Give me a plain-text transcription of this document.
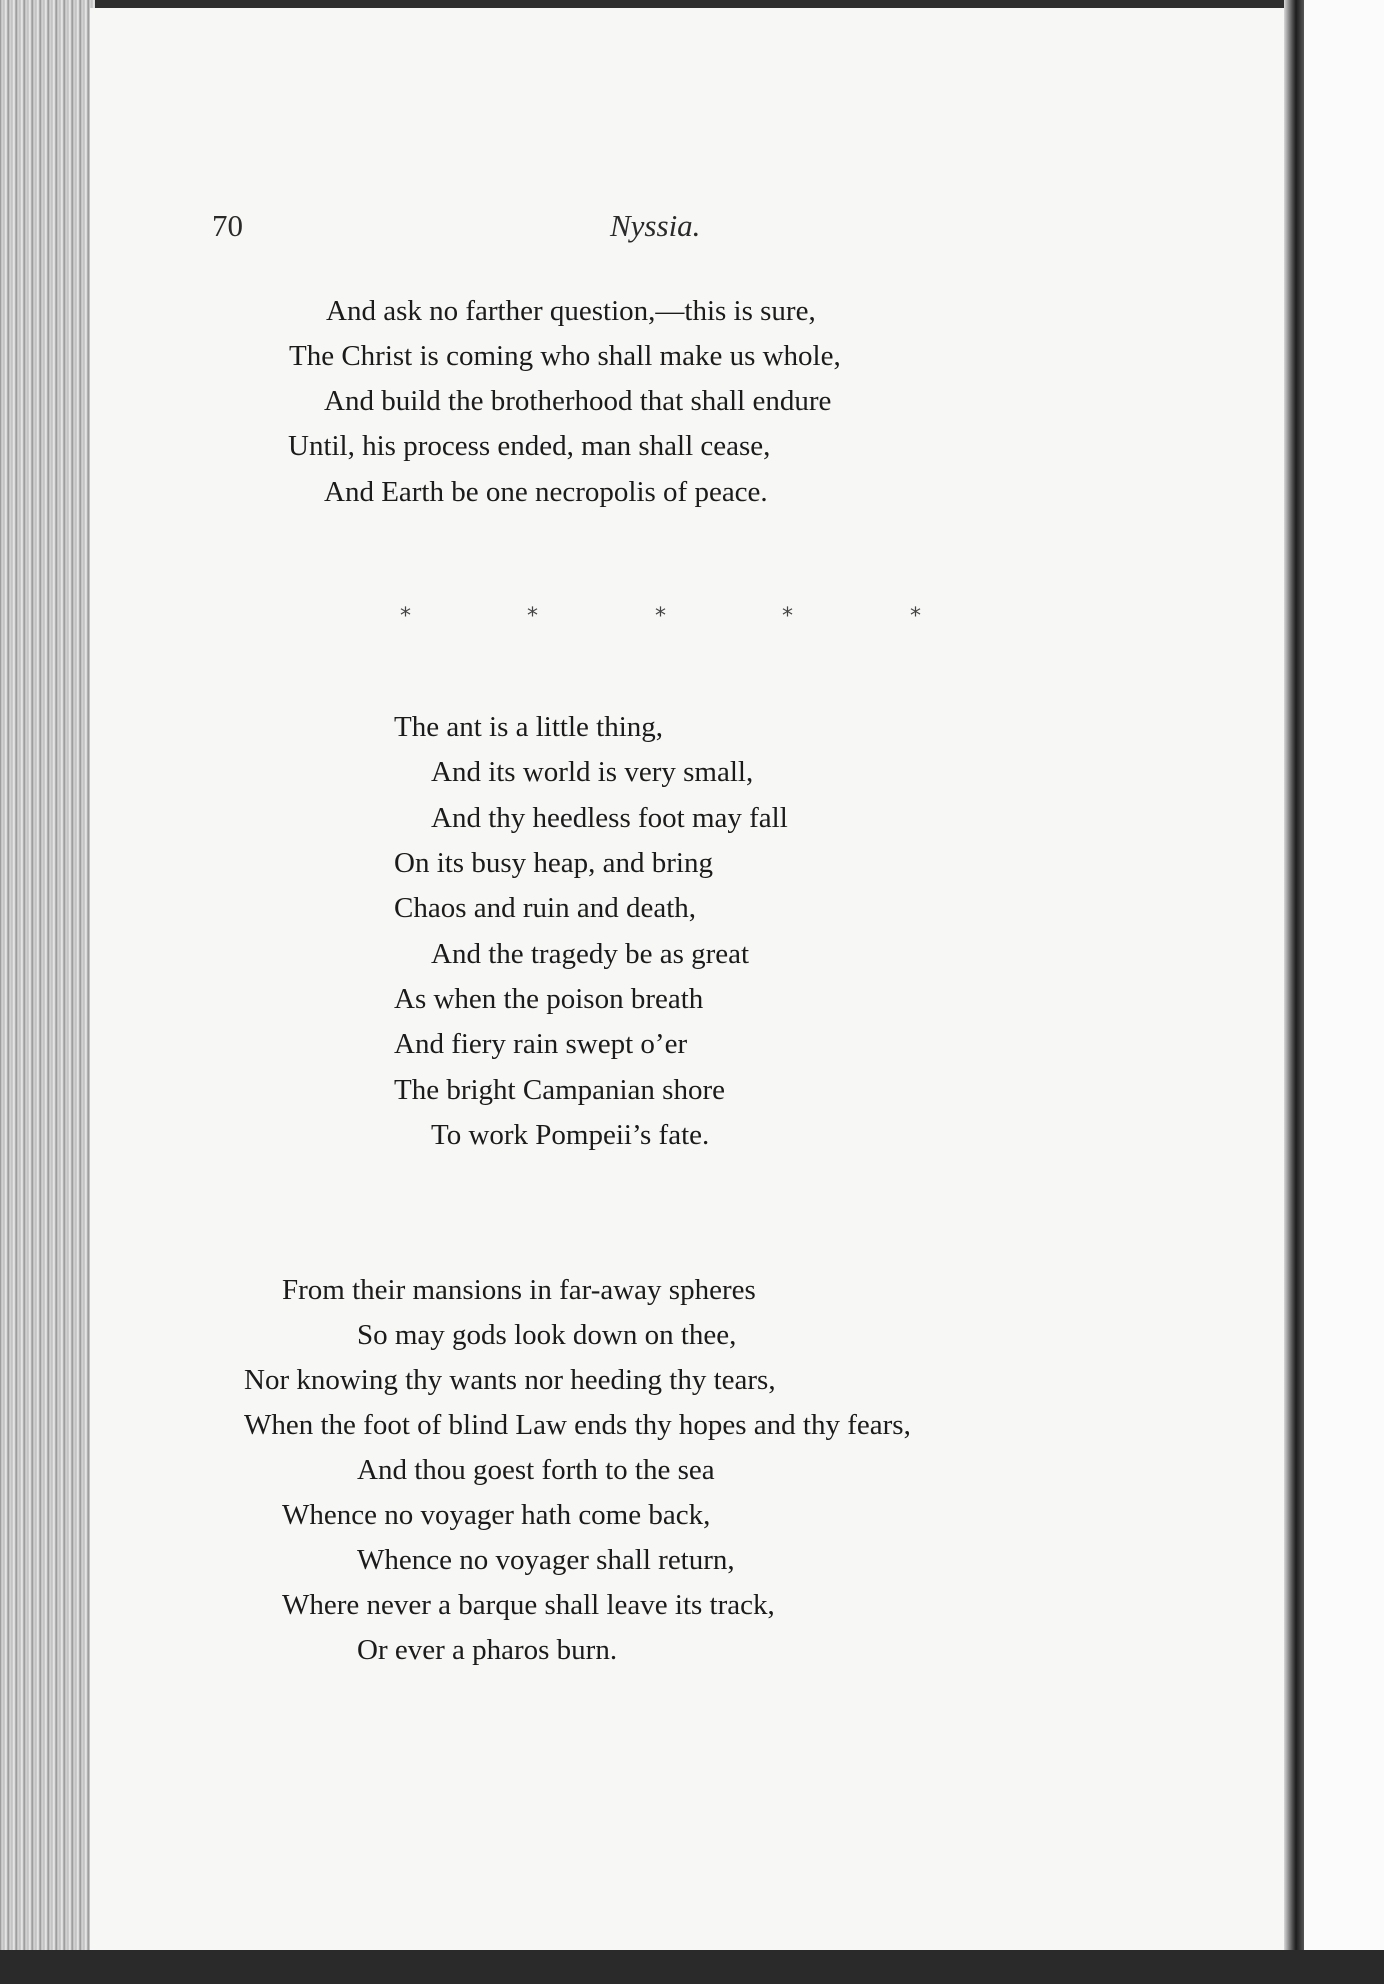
70	Nyssia.
And ask no farther question,—this is sure,
The Christ is coming who shall make us whole,
And build the brotherhood that shall endure
Until, his process ended, man shall cease,
And Earth be one necropolis of peace.
*	*	*	*	*
The ant is a little thing,
And its world is very small,
And thy heedless foot may fall
On its busy heap, and bring
Chaos and ruin and death,
And the tragedy be as great
As when the poison breath
And fiery rain swept o’er
The bright Campanian shore
To work Pompeii’s fate.
From their mansions in far-away spheres
So may gods look down on thee,
Nor knowing thy wants nor heeding thy tears,
When the foot of blind Law ends thy hopes and thy fears,
And thou goest forth to the sea
Whence no voyager hath come back,
Whence no voyager shall return,
Where never a barque shall leave its track,
Or ever a pharos burn.
